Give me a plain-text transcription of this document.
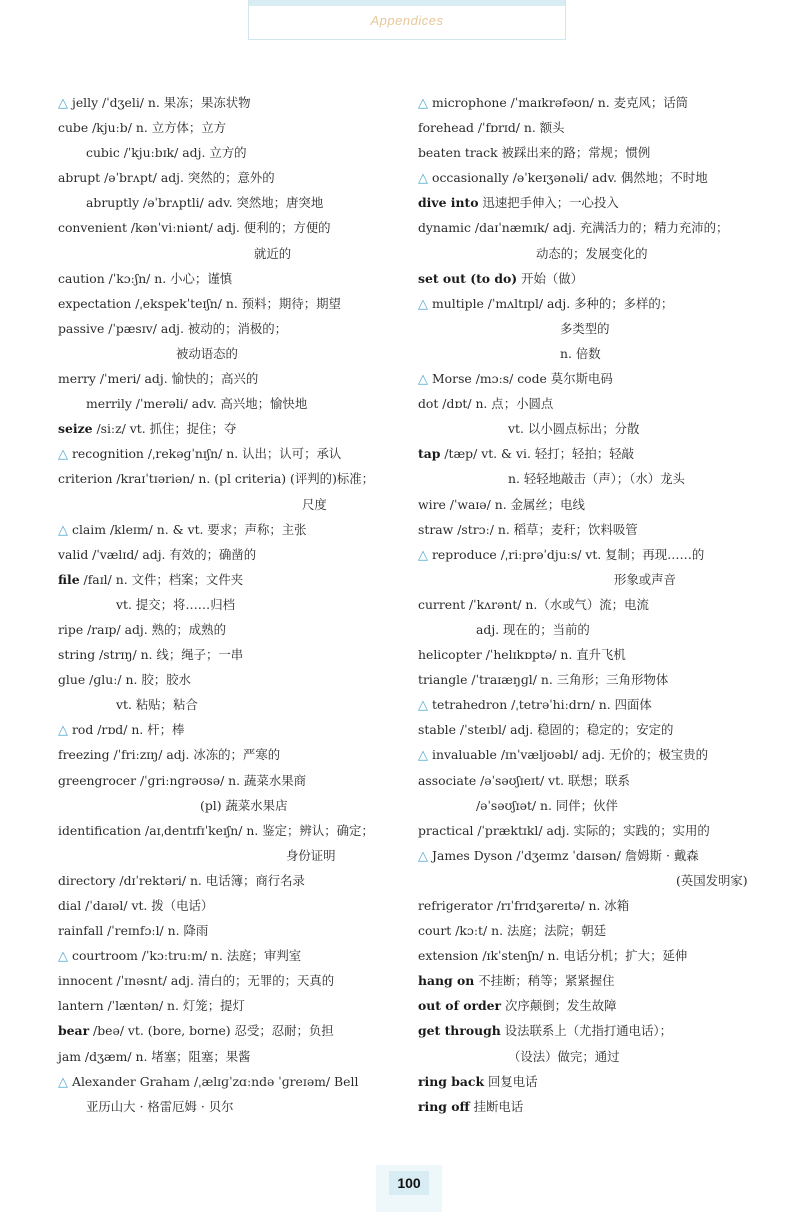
Appendices
△ jelly /ˈdʒeli/ n. 果冻；果冻状物
cube /kjuːb/ n. 立方体；立方
cubic /ˈkjuːbɪk/ adj. 立方的
abrupt /əˈbrʌpt/ adj. 突然的；意外的
abruptly /əˈbrʌptli/ adv. 突然地；唐突地
convenient /kənˈviːniənt/ adj. 便利的；方便的
就近的
caution /ˈkɔːʃn/ n. 小心；谨慎
expectation /ˌekspekˈteɪʃn/ n. 预料；期待；期望
passive /ˈpæsɪv/ adj. 被动的；消极的；
被动语态的
merry /ˈmeri/ adj. 愉快的；高兴的
merrily /ˈmerəli/ adv. 高兴地；愉快地
seize /siːz/ vt. 抓住；捉住；夺
△ recognition /ˌrekəɡˈnɪʃn/ n. 认出；认可；承认
criterion /kraɪˈtɪəriən/ n. (pl criteria) (评判的)标准；
尺度
△ claim /kleɪm/ n. & vt. 要求；声称；主张
valid /ˈvælɪd/ adj. 有效的；确凿的
file /faɪl/ n. 文件；档案；文件夹
vt. 提交；将……归档
ripe /raɪp/ adj. 熟的；成熟的
string /strɪŋ/ n. 线；绳子；一串
glue /ɡluː/ n. 胶；胶水
vt. 粘贴；粘合
△ rod /rɒd/ n. 杆；棒
freezing /ˈfriːzɪŋ/ adj. 冰冻的；严寒的
greengrocer /ˈɡriːnɡrəʊsə/ n. 蔬菜水果商
(pl) 蔬菜水果店
identification /aɪˌdentɪfɪˈkeɪʃn/ n. 鉴定；辨认；确定；
身份证明
directory /dɪˈrektəri/ n. 电话簿；商行名录
dial /ˈdaɪəl/ vt. 拨（电话）
rainfall /ˈreɪnfɔːl/ n. 降雨
△ courtroom /ˈkɔːtruːm/ n. 法庭；审判室
innocent /ˈɪnəsnt/ adj. 清白的；无罪的；天真的
lantern /ˈlæntən/ n. 灯笼；提灯
bear /beə/ vt. (bore, borne) 忍受；忍耐；负担
jam /dʒæm/ n. 堵塞；阻塞；果酱
△ Alexander Graham /ˌælɪɡˈzɑːndə ˈɡreɪəm/ Bell
亚历山大 · 格雷厄姆 · 贝尔
△ microphone /ˈmaɪkrəfəʊn/ n. 麦克风；话筒
forehead /ˈfɒrɪd/ n. 额头
beaten track 被踩出来的路；常规；惯例
△ occasionally /əˈkeɪʒənəli/ adv. 偶然地；不时地
dive into 迅速把手伸入；一心投入
dynamic /daɪˈnæmɪk/ adj. 充满活力的；精力充沛的；
动态的；发展变化的
set out (to do) 开始（做）
△ multiple /ˈmʌltɪpl/ adj. 多种的；多样的；
多类型的
n. 倍数
△ Morse /mɔːs/ code 莫尔斯电码
dot /dɒt/ n. 点；小圆点
vt. 以小圆点标出；分散
tap /tæp/ vt. & vi. 轻打；轻拍；轻敲
n. 轻轻地敲击（声）；（水）龙头
wire /ˈwaɪə/ n. 金属丝；电线
straw /strɔː/ n. 稻草；麦秆；饮料吸管
△ reproduce /ˌriːprəˈdjuːs/ vt. 复制；再现……的
形象或声音
current /ˈkʌrənt/ n.（水或气）流；电流
adj. 现在的；当前的
helicopter /ˈhelɪkɒptə/ n. 直升飞机
triangle /ˈtraɪæŋɡl/ n. 三角形；三角形物体
△ tetrahedron /ˌtetrəˈhiːdrn/ n. 四面体
stable /ˈsteɪbl/ adj. 稳固的；稳定的；安定的
△ invaluable /ɪnˈvæljʊəbl/ adj. 无价的；极宝贵的
associate /əˈsəʊʃɪeɪt/ vt. 联想；联系
/əˈsəʊʃɪət/ n. 同伴；伙伴
practical /ˈpræktɪkl/ adj. 实际的；实践的；实用的
△ James Dyson /ˈdʒeɪmz ˈdaɪsən/ 詹姆斯 · 戴森
(英国发明家)
refrigerator /rɪˈfrɪdʒəreɪtə/ n. 冰箱
court /kɔːt/ n. 法庭；法院；朝廷
extension /ɪkˈstenʃn/ n. 电话分机；扩大；延伸
hang on 不挂断；稍等；紧紧握住
out of order 次序颠倒；发生故障
get through 设法联系上（尤指打通电话）；
（设法）做完；通过
ring back 回复电话
ring off 挂断电话
100
